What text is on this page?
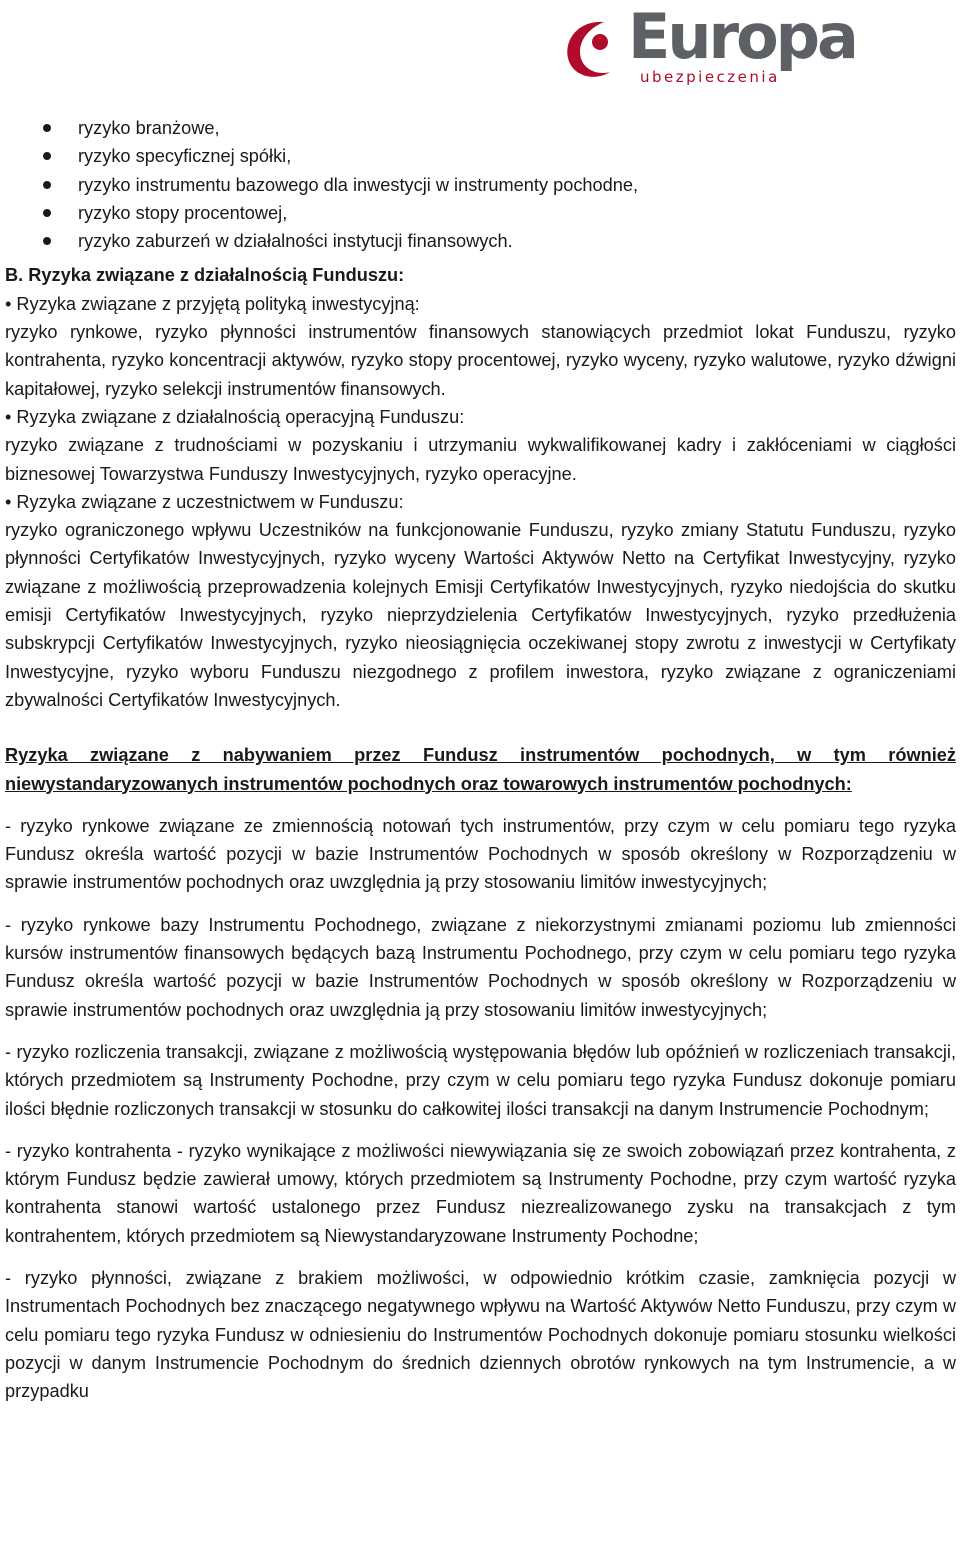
Europa
ubezpieczenia
ryzyko branżowe,
ryzyko specyficznej spółki,
ryzyko instrumentu bazowego dla inwestycji w instrumenty pochodne,
ryzyko stopy procentowej,
ryzyko zaburzeń w działalności instytucji finansowych.

B. Ryzyka związane z działalnością Funduszu:

• Ryzyka związane z przyjętą polityką inwestycyjną:

ryzyko rynkowe, ryzyko płynności instrumentów finansowych stanowiących przedmiot lokat Funduszu, ryzyko kontrahenta, ryzyko koncentracji aktywów, ryzyko stopy procentowej, ryzyko wyceny, ryzyko walutowe, ryzyko dźwigni kapitałowej, ryzyko selekcji instrumentów finansowych.

• Ryzyka związane z działalnością operacyjną Funduszu:

ryzyko związane z trudnościami w pozyskaniu i utrzymaniu wykwalifikowanej kadry i zakłóceniami w ciągłości biznesowej Towarzystwa Funduszy Inwestycyjnych, ryzyko operacyjne.

• Ryzyka związane z uczestnictwem w Funduszu:

ryzyko ograniczonego wpływu Uczestników na funkcjonowanie Funduszu, ryzyko zmiany Statutu Funduszu, ryzyko płynności Certyfikatów Inwestycyjnych, ryzyko wyceny Wartości Aktywów Netto na Certyfikat Inwestycyjny, ryzyko związane z możliwością przeprowadzenia kolejnych Emisji Certyfikatów Inwestycyjnych, ryzyko niedojścia do skutku emisji Certyfikatów Inwestycyjnych, ryzyko nieprzydzielenia Certyfikatów Inwestycyjnych, ryzyko przedłużenia subskrypcji Certyfikatów Inwestycyjnych, ryzyko nieosiągnięcia oczekiwanej stopy zwrotu z inwestycji w Certyfikaty Inwestycyjne, ryzyko wyboru Funduszu niezgodnego z profilem inwestora, ryzyko związane z ograniczeniami zbywalności Certyfikatów Inwestycyjnych.

Ryzyka związane z nabywaniem przez Fundusz instrumentów pochodnych, w tym również niewystandaryzowanych instrumentów pochodnych oraz towarowych instrumentów pochodnych:

- ryzyko rynkowe związane ze zmiennością notowań tych instrumentów, przy czym w celu pomiaru tego ryzyka Fundusz określa wartość pozycji w bazie Instrumentów Pochodnych w sposób określony w Rozporządzeniu w sprawie instrumentów pochodnych oraz uwzględnia ją przy stosowaniu limitów inwestycyjnych;

- ryzyko rynkowe bazy Instrumentu Pochodnego, związane z niekorzystnymi zmianami poziomu lub zmienności kursów instrumentów finansowych będących bazą Instrumentu Pochodnego, przy czym w celu pomiaru tego ryzyka Fundusz określa wartość pozycji w bazie Instrumentów Pochodnych w sposób określony w Rozporządzeniu w sprawie instrumentów pochodnych oraz uwzględnia ją przy stosowaniu limitów inwestycyjnych;

- ryzyko rozliczenia transakcji, związane z możliwością występowania błędów lub opóźnień w rozliczeniach transakcji, których przedmiotem są Instrumenty Pochodne, przy czym w celu pomiaru tego ryzyka Fundusz dokonuje pomiaru ilości błędnie rozliczonych transakcji w stosunku do całkowitej ilości transakcji na danym Instrumencie Pochodnym;

- ryzyko kontrahenta - ryzyko wynikające z możliwości niewywiązania się ze swoich zobowiązań przez kontrahenta, z którym Fundusz będzie zawierał umowy, których przedmiotem są Instrumenty Pochodne, przy czym wartość ryzyka kontrahenta stanowi wartość ustalonego przez Fundusz niezrealizowanego zysku na transakcjach z tym kontrahentem, których przedmiotem są Niewystandaryzowane Instrumenty Pochodne;

- ryzyko płynności, związane z brakiem możliwości, w odpowiednio krótkim czasie, zamknięcia pozycji w Instrumentach Pochodnych bez znaczącego negatywnego wpływu na Wartość Aktywów Netto Funduszu, przy czym w celu pomiaru tego ryzyka Fundusz w odniesieniu do Instrumentów Pochodnych dokonuje pomiaru stosunku wielkości pozycji w danym Instrumencie Pochodnym do średnich dziennych obrotów rynkowych na tym Instrumencie, a w przypadku
